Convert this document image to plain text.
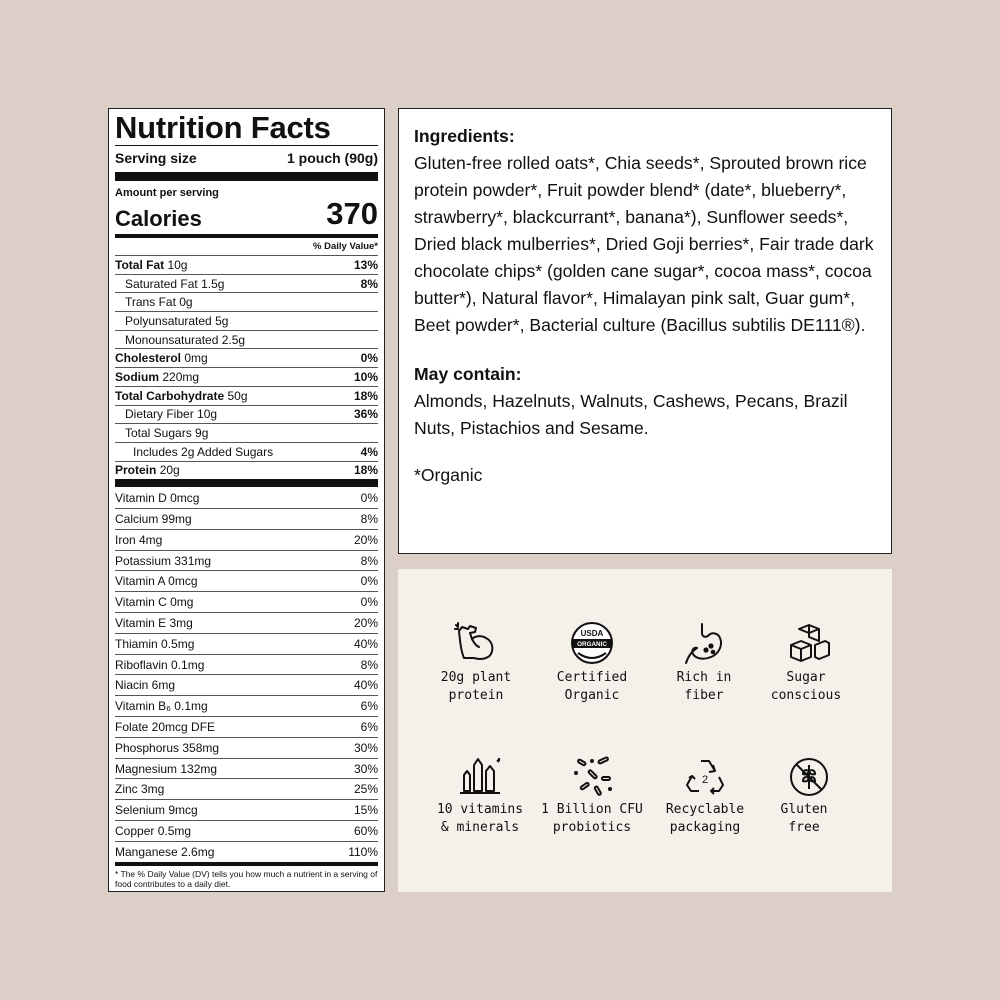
Nutrition Facts
Serving size	1 pouch (90g)
Amount per serving
Calories	370
% Daily Value*
Total Fat 10g	13%
Saturated Fat 1.5g	8%
Trans Fat 0g
Polyunsaturated 5g
Monounsaturated 2.5g
Cholesterol 0mg	0%
Sodium 220mg	10%
Total Carbohydrate 50g	18%
Dietary Fiber 10g	36%
Total Sugars 9g
Includes 2g Added Sugars	4%
Protein 20g	18%
Vitamin D 0mcg	0%
Calcium 99mg	8%
Iron 4mg	20%
Potassium 331mg	8%
Vitamin A 0mcg	0%
Vitamin C 0mg	0%
Vitamin E 3mg	20%
Thiamin 0.5mg	40%
Riboflavin 0.1mg	8%
Niacin 6mg	40%
Vitamin B₆ 0.1mg	6%
Folate 20mcg DFE	6%
Phosphorus 358mg	30%
Magnesium 132mg	30%
Zinc 3mg	25%
Selenium 9mcg	15%
Copper 0.5mg	60%
Manganese 2.6mg	110%
* The % Daily Value (DV) tells you how much a nutrient in a serving of food contributes to a daily diet.
Ingredients:

Gluten-free rolled oats*, Chia seeds*, Sprouted brown rice protein powder*, Fruit powder blend* (date*, blueberry*, strawberry*, blackcurrant*, banana*), Sunflower seeds*, Dried black mulberries*, Dried Goji berries*, Fair trade dark chocolate chips* (golden cane sugar*, cocoa mass*, cocoa butter*), Natural flavor*, Himalayan pink salt, Guar gum*, Beet powder*, Bacterial culture (Bacillus subtilis DE111®).

May contain:

Almonds, Hazelnuts, Walnuts, Cashews, Pecans, Brazil Nuts, Pistachios and Sesame.

*Organic

20g plant
protein
USDA
ORGANIC
Certified
Organic
Rich in
fiber
Sugar
conscious
10 vitamins
& minerals
1 Billion CFU
probiotics
2
Recyclable
packaging
Gluten
free
